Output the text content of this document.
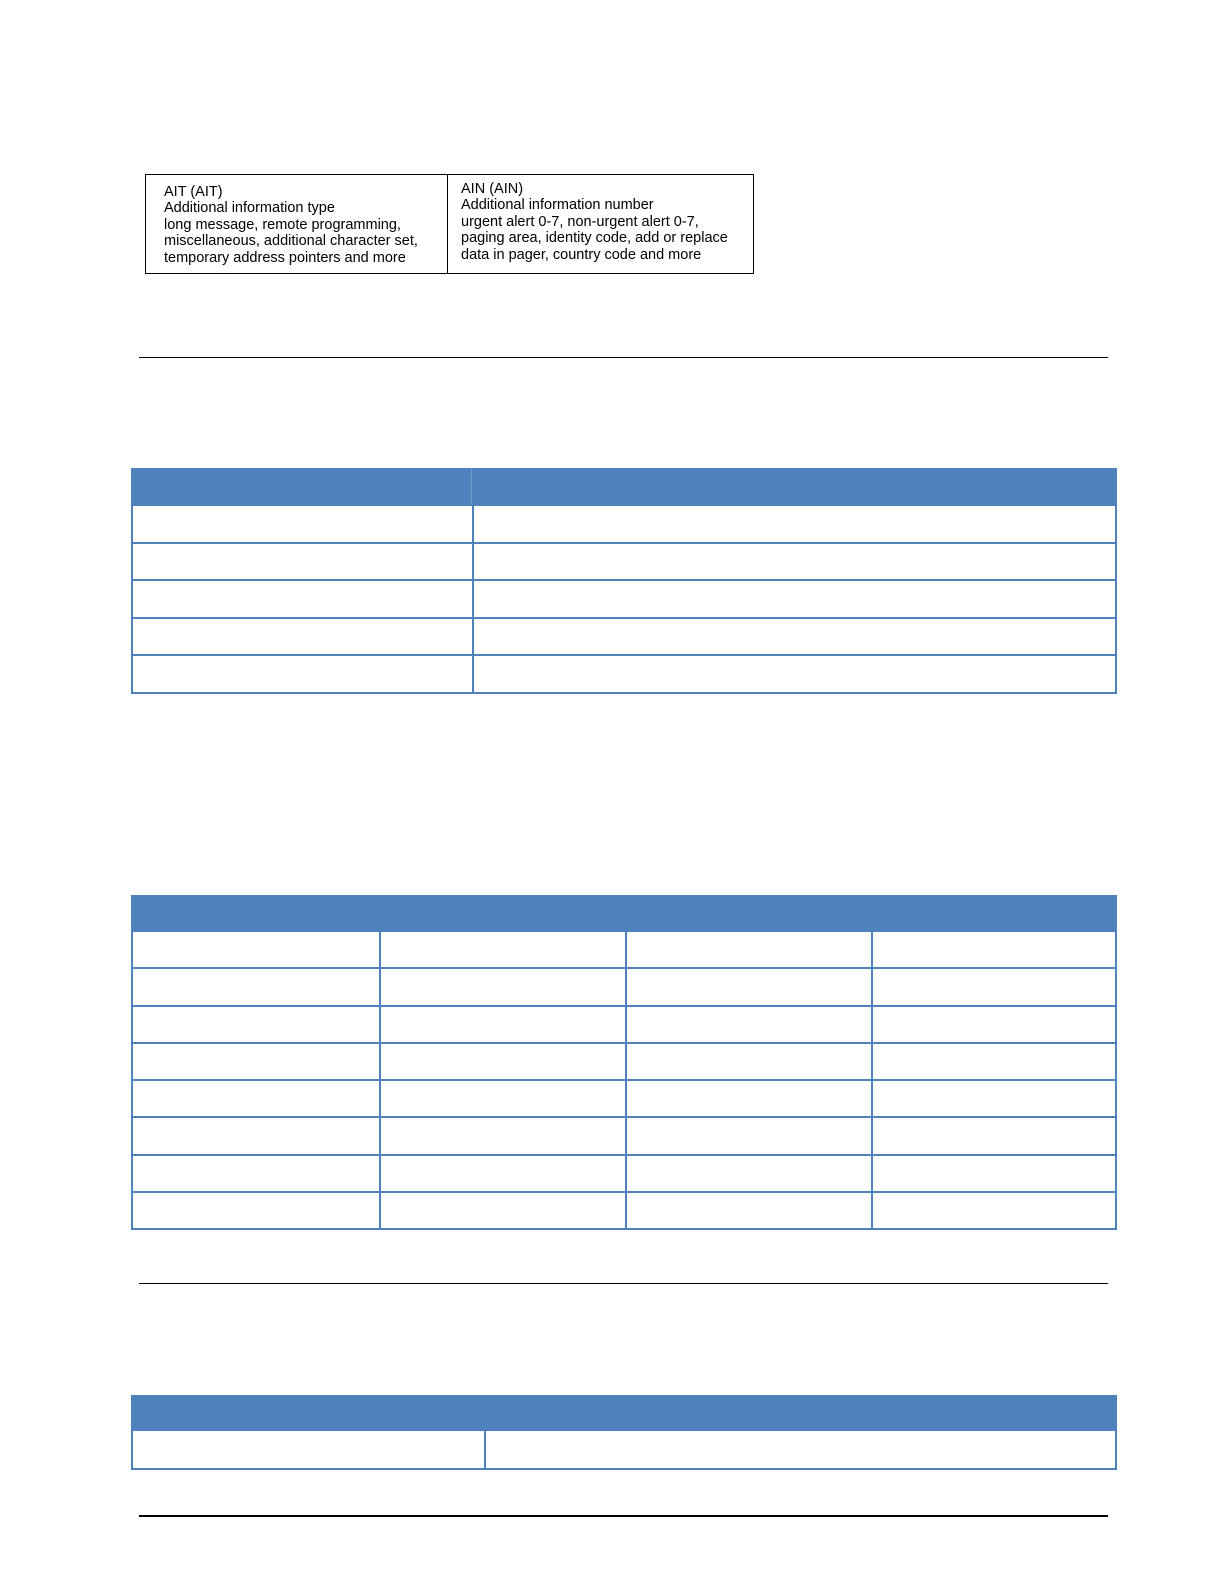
AIT (AIT)
Additional information type
long message, remote programming,
miscellaneous, additional character set,
temporary address pointers and more
AIN (AIN)
Additional information number
urgent alert 0-7, non-urgent alert 0-7,
paging area, identity code, add or replace
data in pager, country code and more
